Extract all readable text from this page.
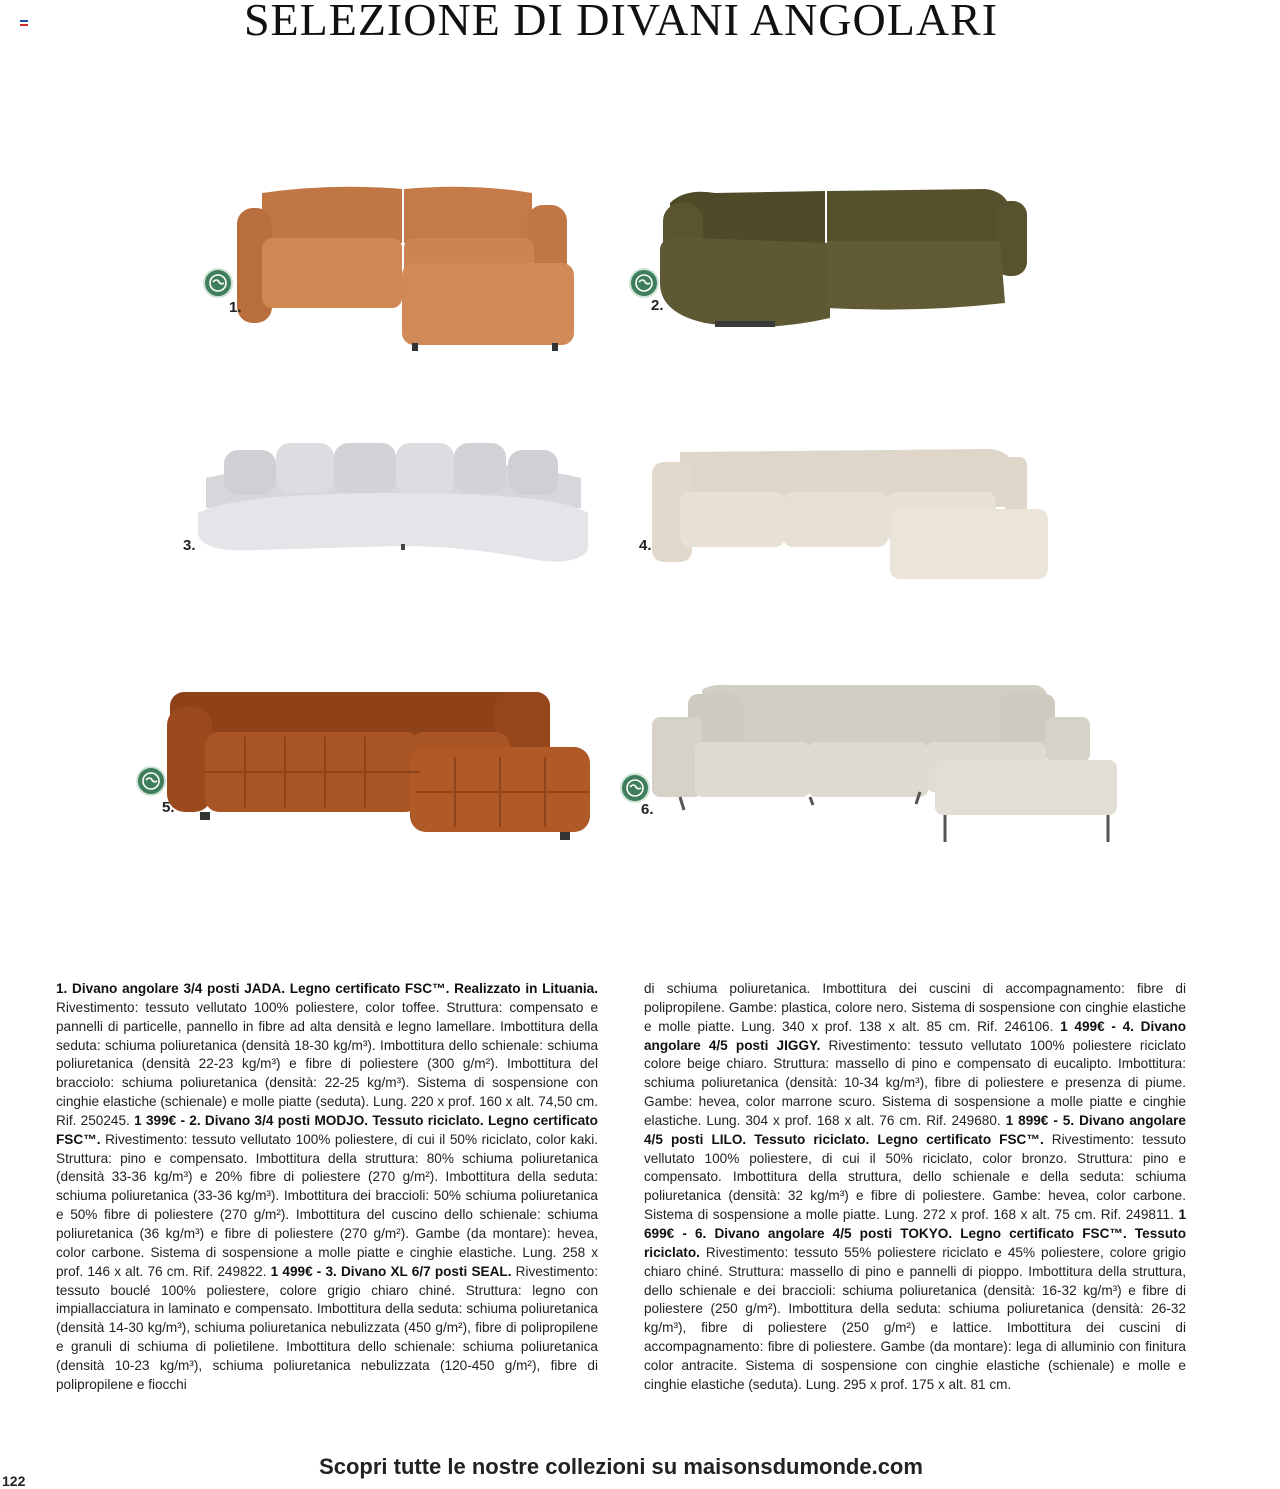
SELEZIONE DI DIVANI ANGOLARI
1.	2.
3.	4.
5.	6.
1. Divano angolare 3/4 posti JADA. Legno certificato FSC™. Realizzato in Lituania. Rivestimento: tessuto vellutato 100% poliestere, color toffee. Struttura: compensato e pannelli di particelle, pannello in fibre ad alta densità e legno lamellare. Imbottitura della seduta: schiuma poliuretanica (densità 18-30 kg/m³). Imbottitura dello schienale: schiuma poliuretanica (densità 22-23 kg/m³) e fibre di poliestere (300 g/m²). Imbottitura del bracciolo: schiuma poliuretanica (densità: 22-25 kg/m³). Sistema di sospensione con cinghie elastiche (schienale) e molle piatte (seduta). Lung. 220 x prof. 160 x alt. 74,50 cm. Rif. 250245. 1 399€ - 2. Divano 3/4 posti MODJO. Tessuto riciclato. Legno certificato FSC™. Rivestimento: tessuto vellutato 100% poliestere, di cui il 50% riciclato, color kaki. Struttura: pino e compensato. Imbottitura della struttura: 80% schiuma poliuretanica (densità 33-36 kg/m³) e 20% fibre di poliestere (270 g/m²). Imbottitura della seduta: schiuma poliuretanica (33-36 kg/m³). Imbottitura dei braccioli: 50% schiuma poliuretanica e 50% fibre di poliestere (270 g/m²). Imbottitura del cuscino dello schienale: schiuma poliuretanica (36 kg/m³) e fibre di poliestere (270 g/m²). Gambe (da montare): hevea, color carbone. Sistema di sospensione a molle piatte e cinghie elastiche. Lung. 258 x prof. 146 x alt. 76 cm. Rif. 249822. 1 499€ - 3. Divano XL 6/7 posti SEAL. Rivestimento: tessuto bouclé 100% poliestere, colore grigio chiaro chiné. Struttura: legno con impiallacciatura in laminato e compensato. Imbottitura della seduta: schiuma poliuretanica (densità 14-30 kg/m³), schiuma poliuretanica nebulizzata (450 g/m²), fibre di polipropilene e granuli di schiuma di polietilene. Imbottitura dello schienale: schiuma poliuretanica (densità 10-23 kg/m³), schiuma poliuretanica nebulizzata (120-450 g/m²), fibre di polipropilene e fiocchi
di schiuma poliuretanica. Imbottitura dei cuscini di accompagnamento: fibre di polipropilene. Gambe: plastica, colore nero. Sistema di sospensione con cinghie elastiche e molle piatte. Lung. 340 x prof. 138 x alt. 85 cm. Rif. 246106. 1 499€ - 4. Divano angolare 4/5 posti JIGGY. Rivestimento: tessuto vellutato 100% poliestere riciclato colore beige chiaro. Struttura: massello di pino e compensato di eucalipto. Imbottitura: schiuma poliuretanica (densità: 10-34 kg/m³), fibre di poliestere e presenza di piume. Gambe: hevea, color marrone scuro. Sistema di sospensione a molle piatte e cinghie elastiche. Lung. 304 x prof. 168 x alt. 76 cm. Rif. 249680. 1 899€ - 5. Divano angolare 4/5 posti LILO. Tessuto riciclato. Legno certificato FSC™. Rivestimento: tessuto vellutato 100% poliestere, di cui il 50% riciclato, color bronzo. Struttura: pino e compensato. Imbottitura della struttura, dello schienale e della seduta: schiuma poliuretanica (densità: 32 kg/m³) e fibre di poliestere. Gambe: hevea, color carbone. Sistema di sospensione a molle piatte. Lung. 272 x prof. 168 x alt. 75 cm. Rif. 249811. 1 699€ - 6. Divano angolare 4/5 posti TOKYO. Legno certificato FSC™. Tessuto riciclato. Rivestimento: tessuto 55% poliestere riciclato e 45% poliestere, colore grigio chiaro chiné. Struttura: massello di pino e pannelli di pioppo. Imbottitura della struttura, dello schienale e dei braccioli: schiuma poliuretanica (densità: 16-32 kg/m³) e fibre di poliestere (250 g/m²). Imbottitura della seduta: schiuma poliuretanica (densità: 26-32 kg/m³), fibre di poliestere (250 g/m²) e lattice. Imbottitura dei cuscini di accompagnamento: fibre di poliestere. Gambe (da montare): lega di alluminio con finitura color antracite. Sistema di sospensione con cinghie elastiche (schienale) e molle e cinghie elastiche (seduta). Lung. 295 x prof. 175 x alt. 81 cm.
Scopri tutte le nostre collezioni su maisonsdumonde.com
122
